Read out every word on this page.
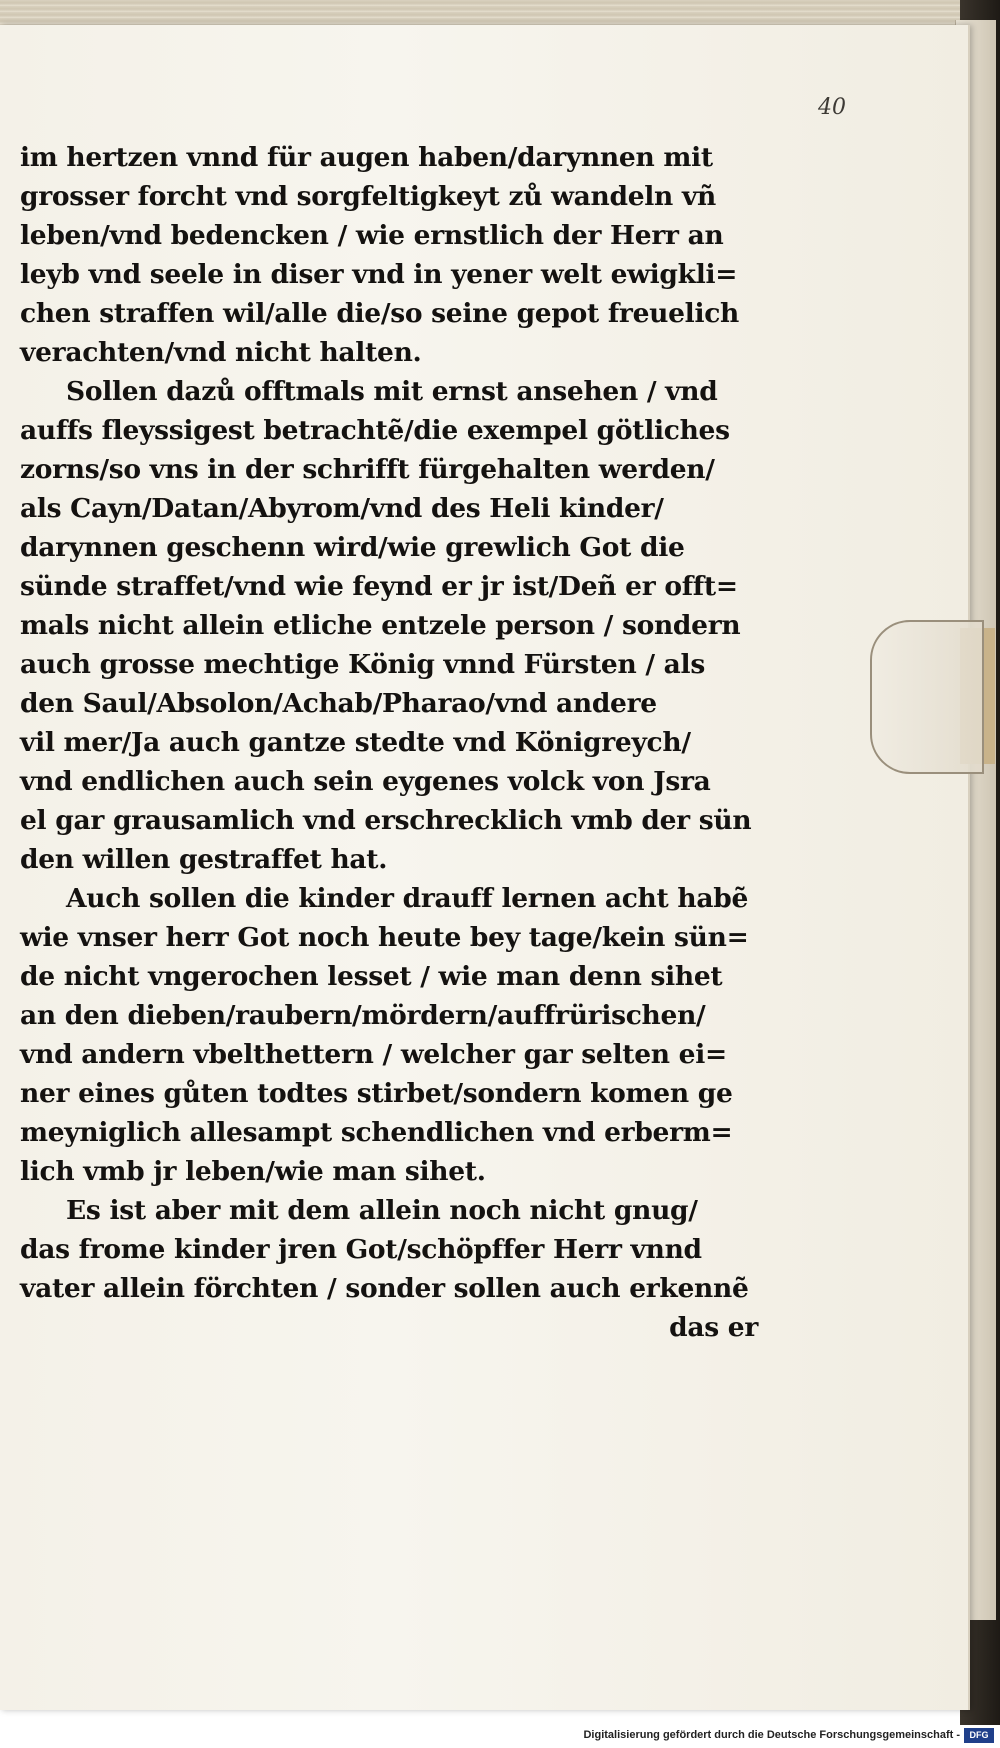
40
im hertzen vnnd für augen haben/darynnen mit
grosser forcht vnd sorgfeltigkeyt zů wandeln vñ
leben/vnd bedencken / wie ernstlich der Herr an
leyb vnd seele in diser vnd in yener welt ewigkli=
chen straffen wil/alle die/so seine gepot freuelich
verachten/vnd nicht halten.
Sollen dazů offtmals mit ernst ansehen / vnd
auffs fleyssigest betrachtẽ/die exempel götliches
zorns/so vns in der schrifft fürgehalten werden/
als Cayn/Datan/Abyrom/vnd des Heli kinder/
darynnen geschenn wird/wie grewlich Got die
sünde straffet/vnd wie feynd er jr ist/Deñ er offt=
mals nicht allein etliche entzele person / sondern
auch grosse mechtige König vnnd Fürsten / als
den Saul/Absolon/Achab/Pharao/vnd andere
vil mer/Ja auch gantze stedte vnd Königreych/
vnd endlichen auch sein eygenes volck von Jsra
el gar grausamlich vnd erschrecklich vmb der sün
den willen gestraffet hat.
Auch sollen die kinder drauff lernen acht habẽ
wie vnser herr Got noch heute bey tage/kein sün=
de nicht vngerochen lesset / wie man denn sihet
an den dieben/raubern/mördern/auffrürischen/
vnd andern vbelthettern / welcher gar selten ei=
ner eines gůten todtes stirbet/sondern komen ge
meyniglich allesampt schendlichen vnd erberm=
lich vmb jr leben/wie man sihet.
Es ist aber mit dem allein noch nicht gnug/
das frome kinder jren Got/schöpffer Herr vnnd
vater allein förchten / sonder sollen auch erkennẽ
das er
Digitalisierung gefördert durch die Deutsche Forschungsgemeinschaft -	DFG
